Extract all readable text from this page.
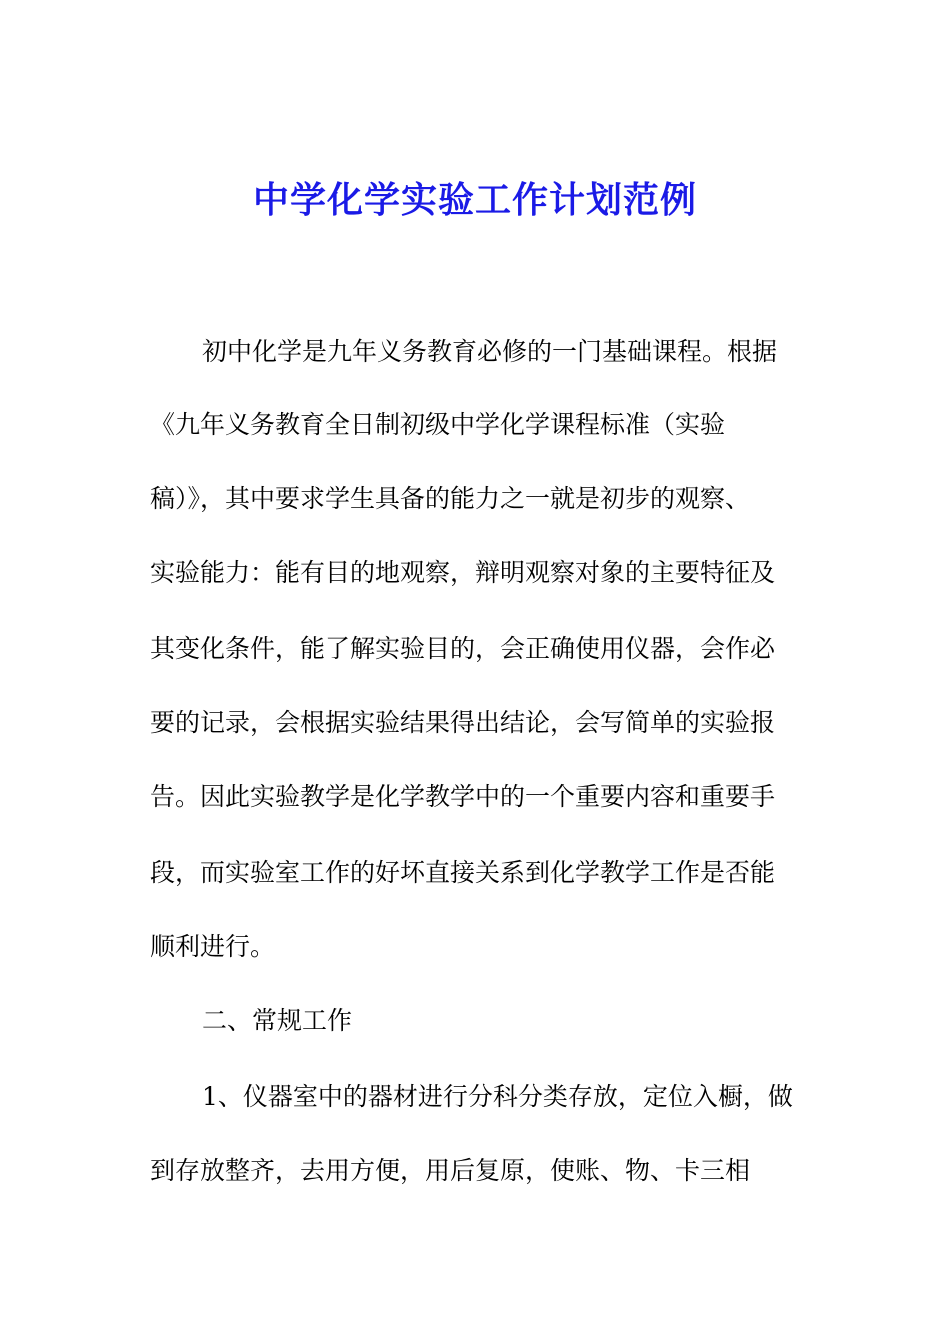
中学化学实验工作计划范例

初中化学是九年义务教育必修的一门基础课程。根据

《九年义务教育全日制初级中学化学课程标准（实验

稿）》，其中要求学生具备的能力之一就是初步的观察、

实验能力：能有目的地观察，辩明观察对象的主要特征及

其变化条件，能了解实验目的，会正确使用仪器，会作必

要的记录，会根据实验结果得出结论，会写简单的实验报

告。因此实验教学是化学教学中的一个重要内容和重要手

段，而实验室工作的好坏直接关系到化学教学工作是否能

顺利进行。

二、常规工作

1、仪器室中的器材进行分科分类存放，定位入橱，做

到存放整齐，去用方便，用后复原，使账、物、卡三相
